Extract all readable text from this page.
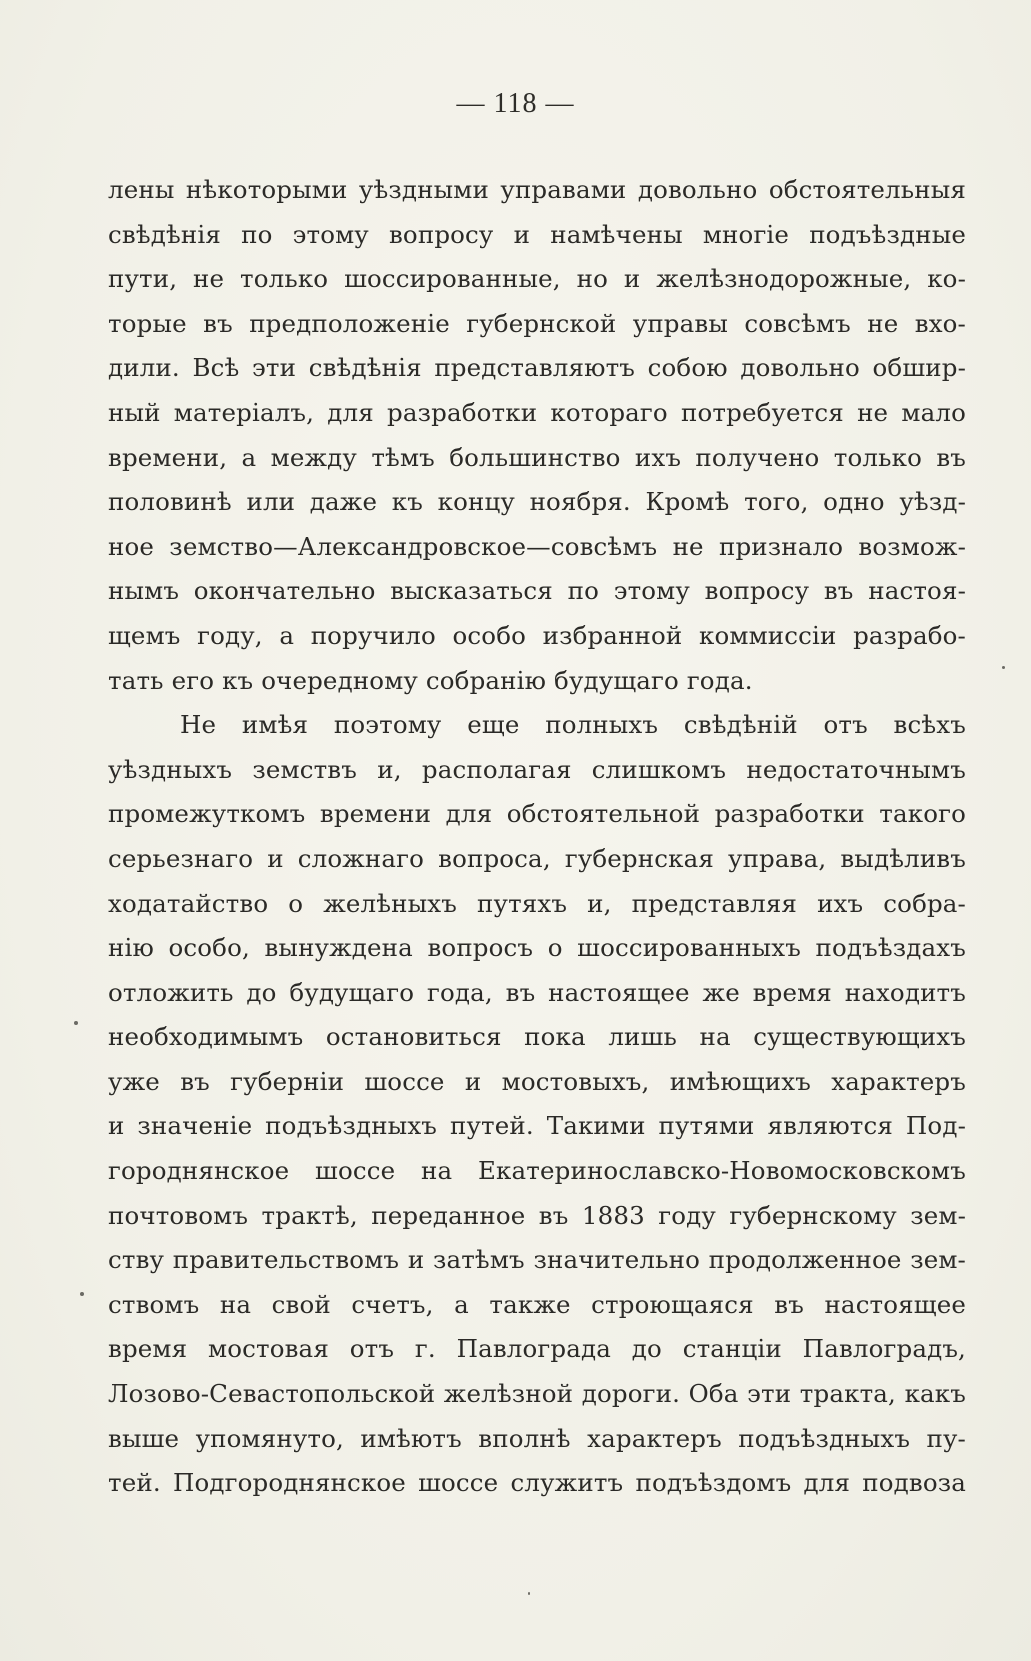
— 118 —
лены нѣкоторыми уѣздными управами довольно обстоятельныя
свѣдѣнія по этому вопросу и намѣчены многіе подъѣздные
пути, не только шоссированные, но и желѣзнодорожные, ко-
торые въ предположеніе губернской управы совсѣмъ не вхо-
дили. Всѣ эти свѣдѣнія представляютъ собою довольно обшир-
ный матеріалъ, для разработки котораго потребуется не мало
времени, а между тѣмъ большинство ихъ получено только въ
половинѣ или даже къ концу ноября. Кромѣ того, одно уѣзд-
ное земство—Александровское—совсѣмъ не признало возмож-
нымъ окончательно высказаться по этому вопросу въ настоя-
щемъ году, а поручило особо избранной коммиссіи разрабо-
тать его къ очередному собранію будущаго года.
Не имѣя поэтому еще полныхъ свѣдѣній отъ всѣхъ
уѣздныхъ земствъ и, располагая слишкомъ недостаточнымъ
промежуткомъ времени для обстоятельной разработки такого
серьезнаго и сложнаго вопроса, губернская управа, выдѣливъ
ходатайство о желѣныхъ путяхъ и, представляя ихъ собра-
нію особо, вынуждена вопросъ о шоссированныхъ подъѣздахъ
отложить до будущаго года, въ настоящее же время находитъ
необходимымъ остановиться пока лишь на существующихъ
уже въ губерніи шоссе и мостовыхъ, имѣющихъ характеръ
и значеніе подъѣздныхъ путей. Такими путями являются Под-
городнянское шоссе на Екатеринославско-Новомосковскомъ
почтовомъ трактѣ, переданное въ 1883 году губернскому зем-
ству правительствомъ и затѣмъ значительно продолженное зем-
ствомъ на свой счетъ, а также строющаяся въ настоящее
время мостовая отъ г. Павлограда до станціи Павлоградъ,
Лозово-Севастопольской желѣзной дороги. Оба эти тракта, какъ
выше упомянуто, имѣютъ вполнѣ характеръ подъѣздныхъ пу-
тей. Подгороднянское шоссе служитъ подъѣздомъ для подвоза
